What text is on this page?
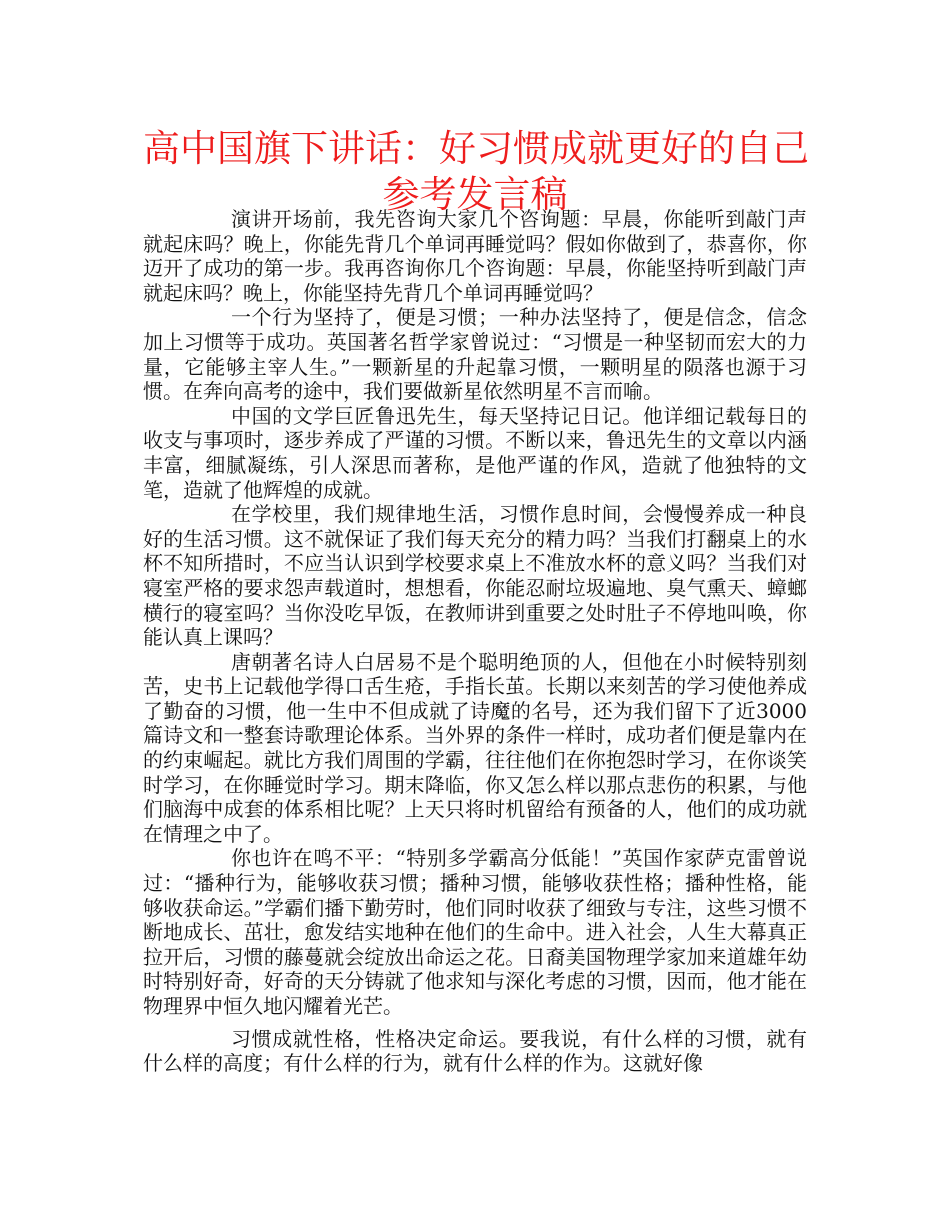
高中国旗下讲话：好习惯成就更好的自己
参考发言稿

演讲开场前，我先咨询大家几个咨询题：早晨，你能听到敲门声就起床吗？晚上，你能先背几个单词再睡觉吗？假如你做到了，恭喜你，你迈开了成功的第一步。我再咨询你几个咨询题：早晨，你能坚持听到敲门声就起床吗？晚上，你能坚持先背几个单词再睡觉吗？

一个行为坚持了，便是习惯；一种办法坚持了，便是信念，信念加上习惯等于成功。英国著名哲学家曾说过：“习惯是一种坚韧而宏大的力量，它能够主宰人生。”一颗新星的升起靠习惯，一颗明星的陨落也源于习惯。在奔向高考的途中，我们要做新星依然明星不言而喻。

中国的文学巨匠鲁迅先生，每天坚持记日记。他详细记载每日的收支与事项时，逐步养成了严谨的习惯。不断以来，鲁迅先生的文章以内涵丰富，细腻凝练，引人深思而著称，是他严谨的作风，造就了他独特的文笔，造就了他辉煌的成就。

在学校里，我们规律地生活，习惯作息时间，会慢慢养成一种良好的生活习惯。这不就保证了我们每天充分的精力吗？当我们打翻桌上的水杯不知所措时，不应当认识到学校要求桌上不准放水杯的意义吗？当我们对寝室严格的要求怨声载道时，想想看，你能忍耐垃圾遍地、臭气熏天、蟑螂横行的寝室吗？当你没吃早饭，在教师讲到重要之处时肚子不停地叫唤，你能认真上课吗？

唐朝著名诗人白居易不是个聪明绝顶的人，但他在小时候特别刻苦，史书上记载他学得口舌生疮，手指长茧。长期以来刻苦的学习使他养成了勤奋的习惯，他一生中不但成就了诗魔的名号，还为我们留下了近3000篇诗文和一整套诗歌理论体系。当外界的条件一样时，成功者们便是靠内在的约束崛起。就比方我们周围的学霸，往往他们在你抱怨时学习，在你谈笑时学习，在你睡觉时学习。期末降临，你又怎么样以那点悲伤的积累，与他们脑海中成套的体系相比呢？上天只将时机留给有预备的人，他们的成功就在情理之中了。

你也许在鸣不平：“特别多学霸高分低能！”英国作家萨克雷曾说过：“播种行为，能够收获习惯；播种习惯，能够收获性格；播种性格，能够收获命运。”学霸们播下勤劳时，他们同时收获了细致与专注，这些习惯不断地成长、茁壮，愈发结实地种在他们的生命中。进入社会，人生大幕真正拉开后，习惯的藤蔓就会绽放出命运之花。日裔美国物理学家加来道雄年幼时特别好奇，好奇的天分铸就了他求知与深化考虑的习惯，因而，他才能在物理界中恒久地闪耀着光芒。

习惯成就性格，性格决定命运。要我说，有什么样的习惯，就有什么样的高度；有什么样的行为，就有什么样的作为。这就好像
